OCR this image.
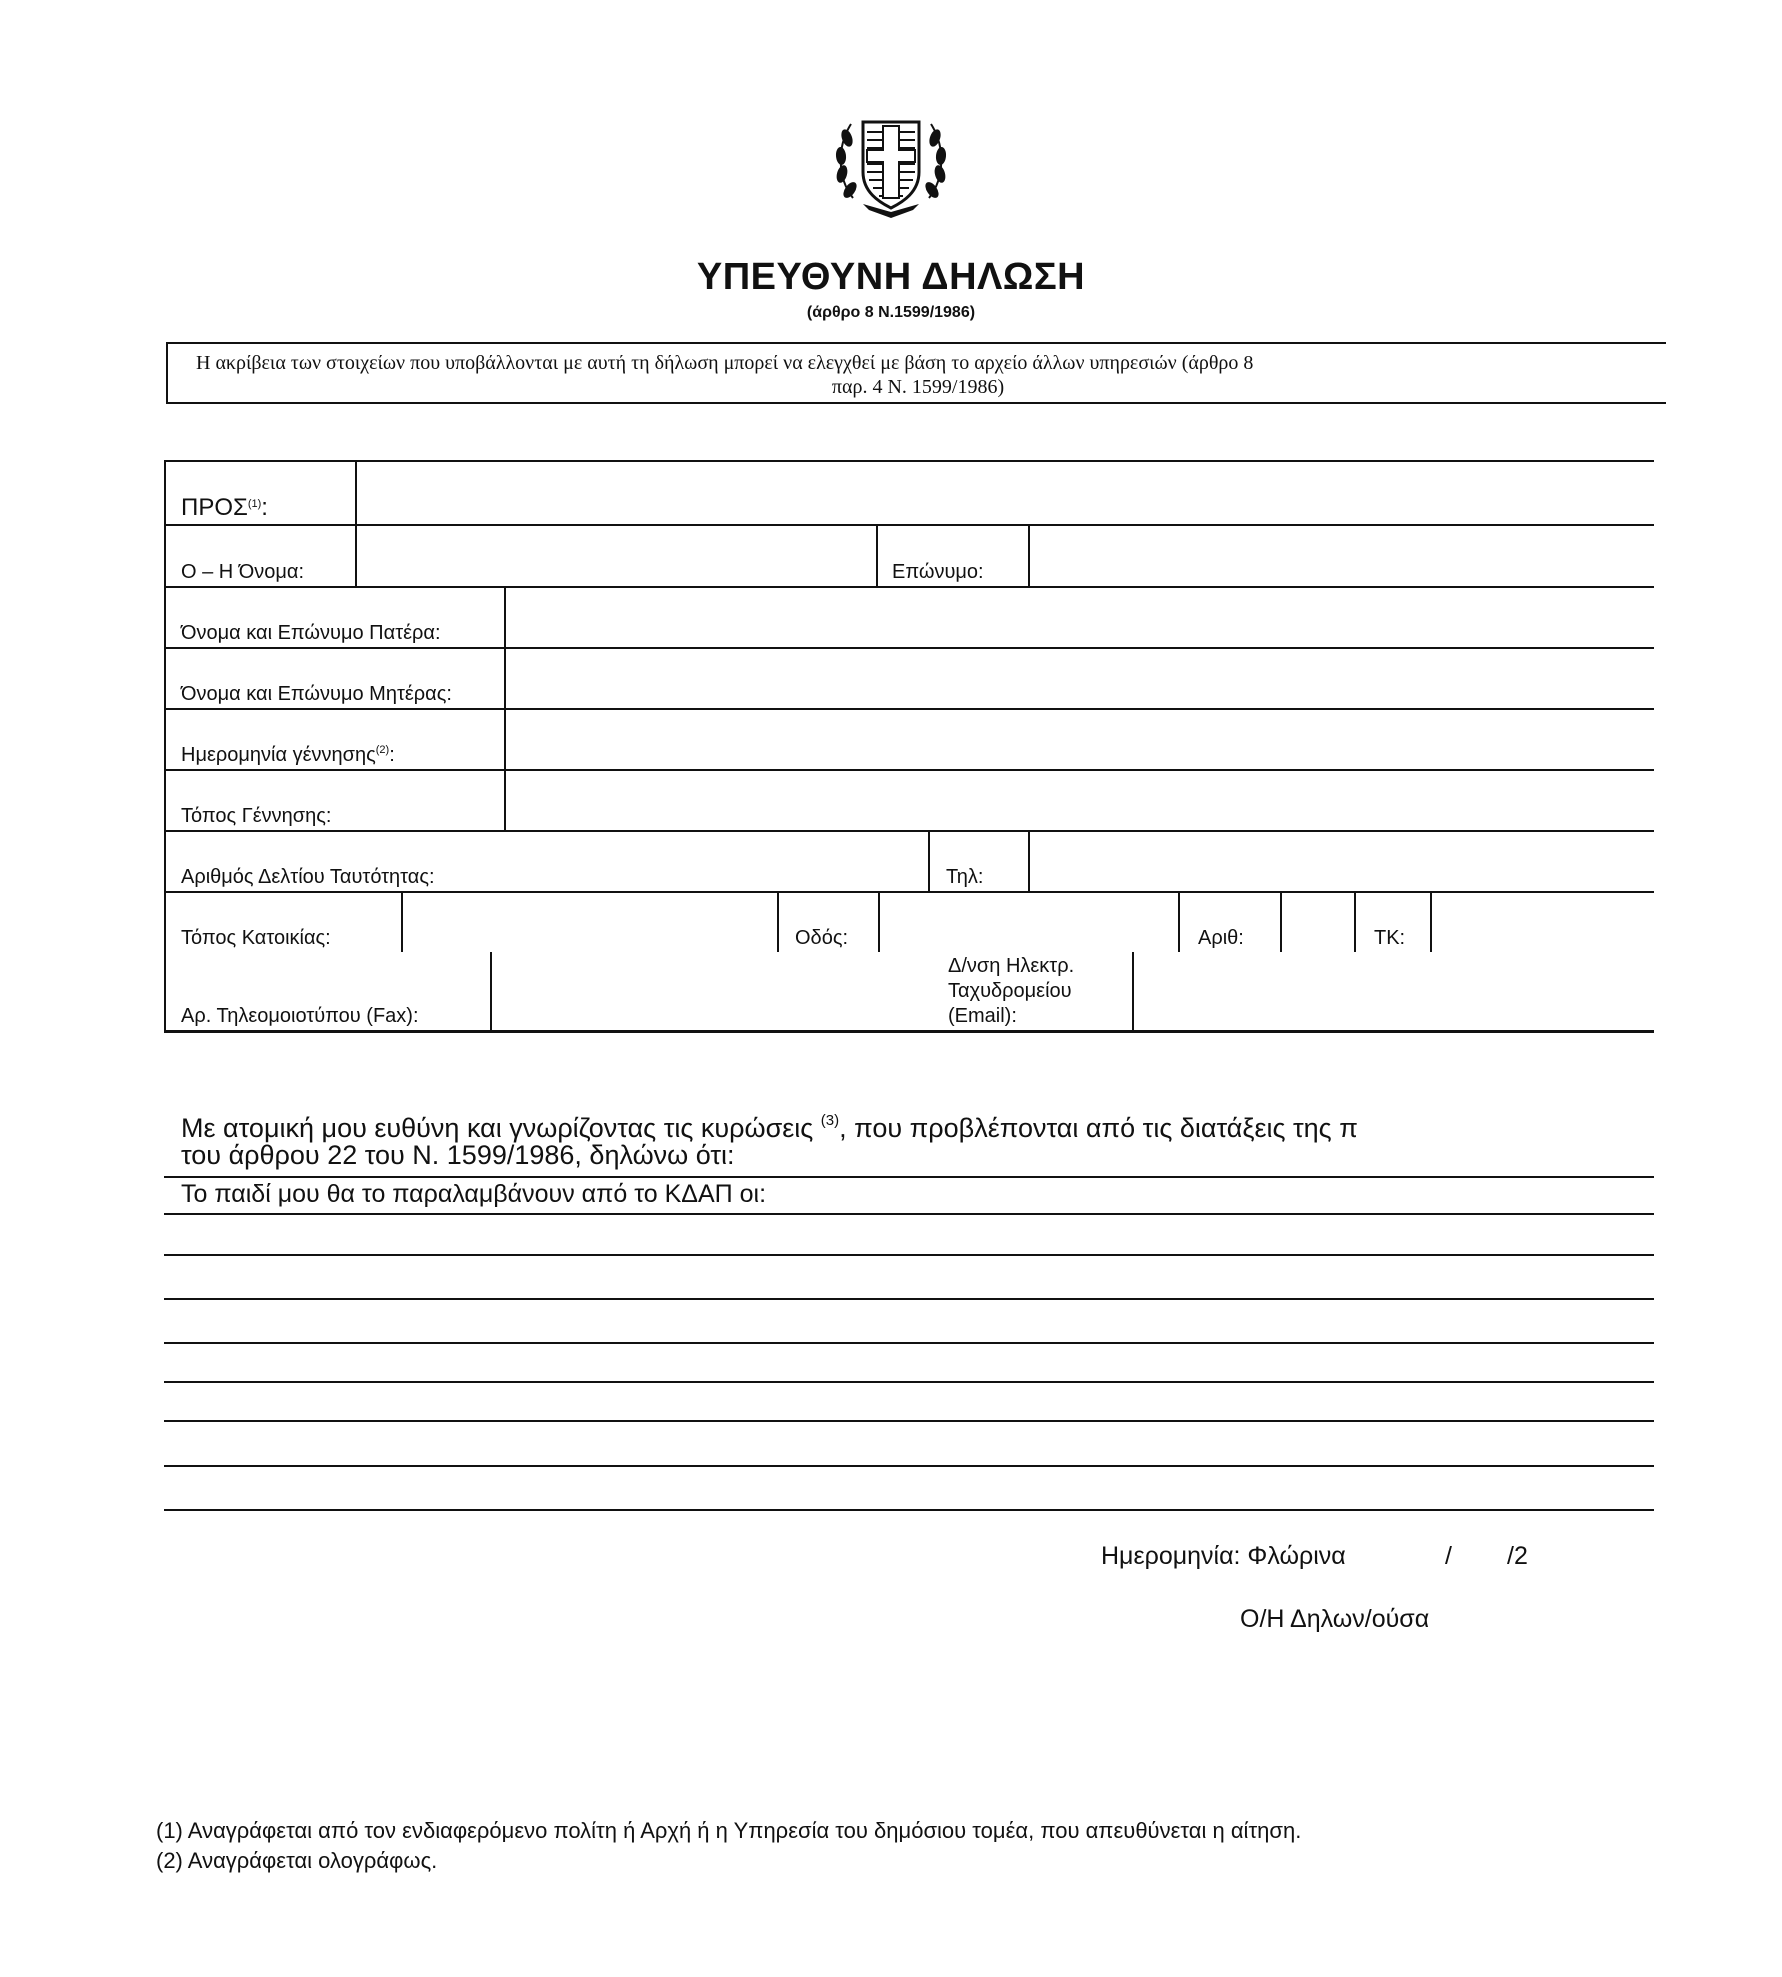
ΥΠΕΥΘΥΝΗ ΔΗΛΩΣΗ
(άρθρο 8 Ν.1599/1986)
Η ακρίβεια των στοιχείων που υποβάλλονται με αυτή τη δήλωση μπορεί να ελεγχθεί με βάση το αρχείο άλλων υπηρεσιών (άρθρο 8
παρ. 4 Ν. 1599/1986)
ΠΡΟΣ$^{(1)}$:
Ο – Η Όνομα:	Επώνυμο:
Όνομα και Επώνυμο Πατέρα:
Όνομα και Επώνυμο Μητέρας:
Ημερομηνία γέννησης$^{(2)}$:
Τόπος Γέννησης:
Αριθμός Δελτίου Ταυτότητας:	Τηλ:
Τόπος Κατοικίας:	Οδός:	Αριθ:	ΤΚ:
Αρ. Τηλεομοιοτύπου (Fax):
Δ/νση Ηλεκτρ.
Ταχυδρομείου
(Email):
Με ατομική μου ευθύνη και γνωρίζοντας τις κυρώσεις $^{(3)}$, που προβλέπονται από τις διατάξεις της π
του άρθρου 22 του Ν. 1599/1986, δηλώνω ότι:
Το παιδί μου θα το παραλαμβάνουν από το ΚΔΑΠ οι:
Ημερομηνία: Φλώρινα	/ /2
Ο/Η Δηλων/ούσα
(1) Αναγράφεται από τον ενδιαφερόμενο πολίτη ή Αρχή ή η Υπηρεσία του δημόσιου τομέα, που απευθύνεται η αίτηση.
(2) Αναγράφεται ολογράφως.
